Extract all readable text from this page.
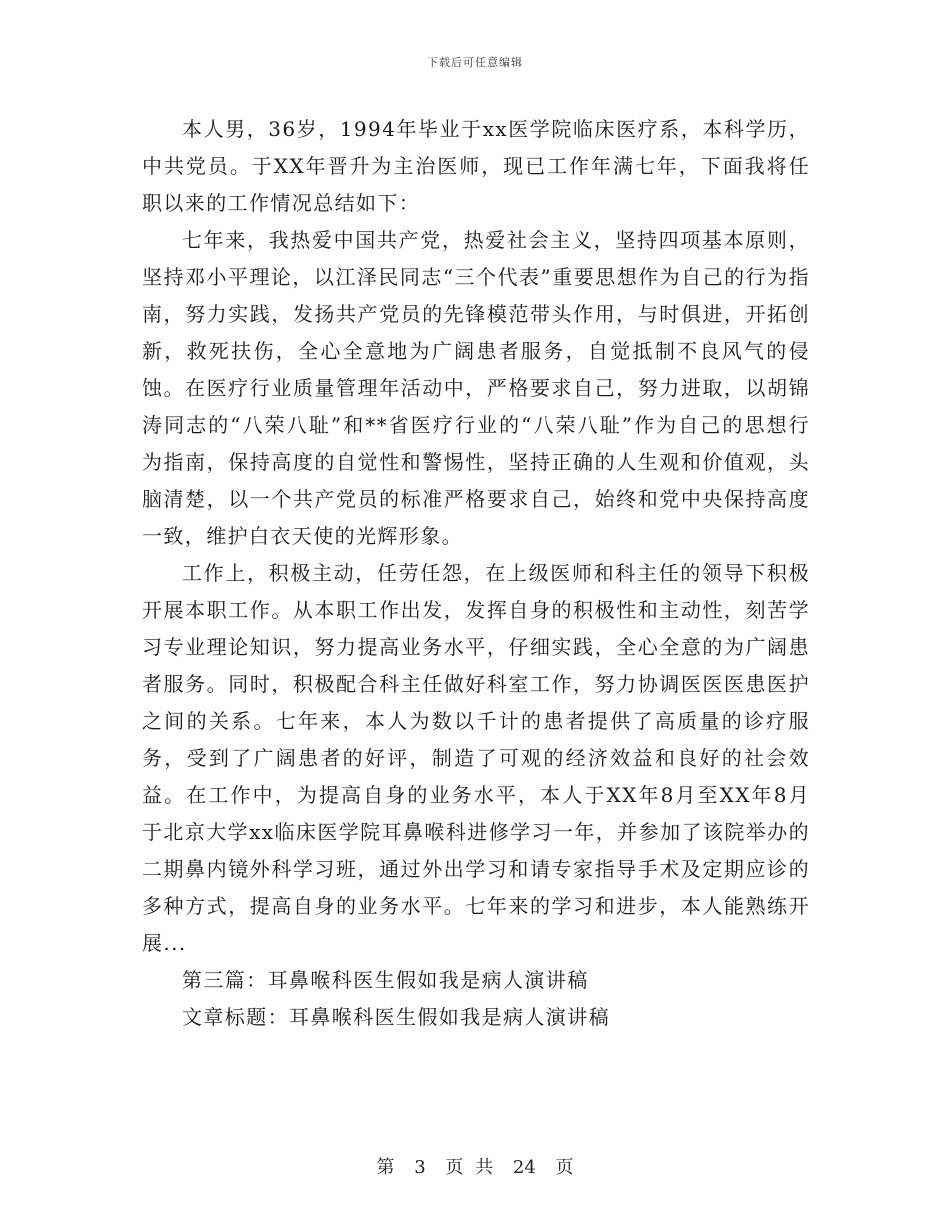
下载后可任意编辑

本人男，36岁，1994年毕业于xx医学院临床医疗系，本科学历，中共党员。于XX年晋升为主治医师，现已工作年满七年，下面我将任职以来的工作情况总结如下：

七年来，我热爱中国共产党，热爱社会主义，坚持四项基本原则，坚持邓小平理论，以江泽民同志“三个代表”重要思想作为自己的行为指南，努力实践，发扬共产党员的先锋模范带头作用，与时俱进，开拓创新，救死扶伤，全心全意地为广阔患者服务，自觉抵制不良风气的侵蚀。在医疗行业质量管理年活动中，严格要求自己，努力进取，以胡锦涛同志的“八荣八耻”和**省医疗行业的“八荣八耻”作为自己的思想行为指南，保持高度的自觉性和警惕性，坚持正确的人生观和价值观，头脑清楚，以一个共产党员的标准严格要求自己，始终和党中央保持高度一致，维护白衣天使的光辉形象。

工作上，积极主动，任劳任怨，在上级医师和科主任的领导下积极开展本职工作。从本职工作出发，发挥自身的积极性和主动性，刻苦学习专业理论知识，努力提高业务水平，仔细实践，全心全意的为广阔患者服务。同时，积极配合科主任做好科室工作，努力协调医医医患医护之间的关系。七年来，本人为数以千计的患者提供了高质量的诊疗服务，受到了广阔患者的好评，制造了可观的经济效益和良好的社会效益。在工作中，为提高自身的业务水平，本人于XX年8月至XX年8月于北京大学xx临床医学院耳鼻喉科进修学习一年，并参加了该院举办的二期鼻内镜外科学习班，通过外出学习和请专家指导手术及定期应诊的多种方式，提高自身的业务水平。七年来的学习和进步，本人能熟练开展...

第三篇：耳鼻喉科医生假如我是病人演讲稿

文章标题：耳鼻喉科医生假如我是病人演讲稿

第 3 页 共 24 页
